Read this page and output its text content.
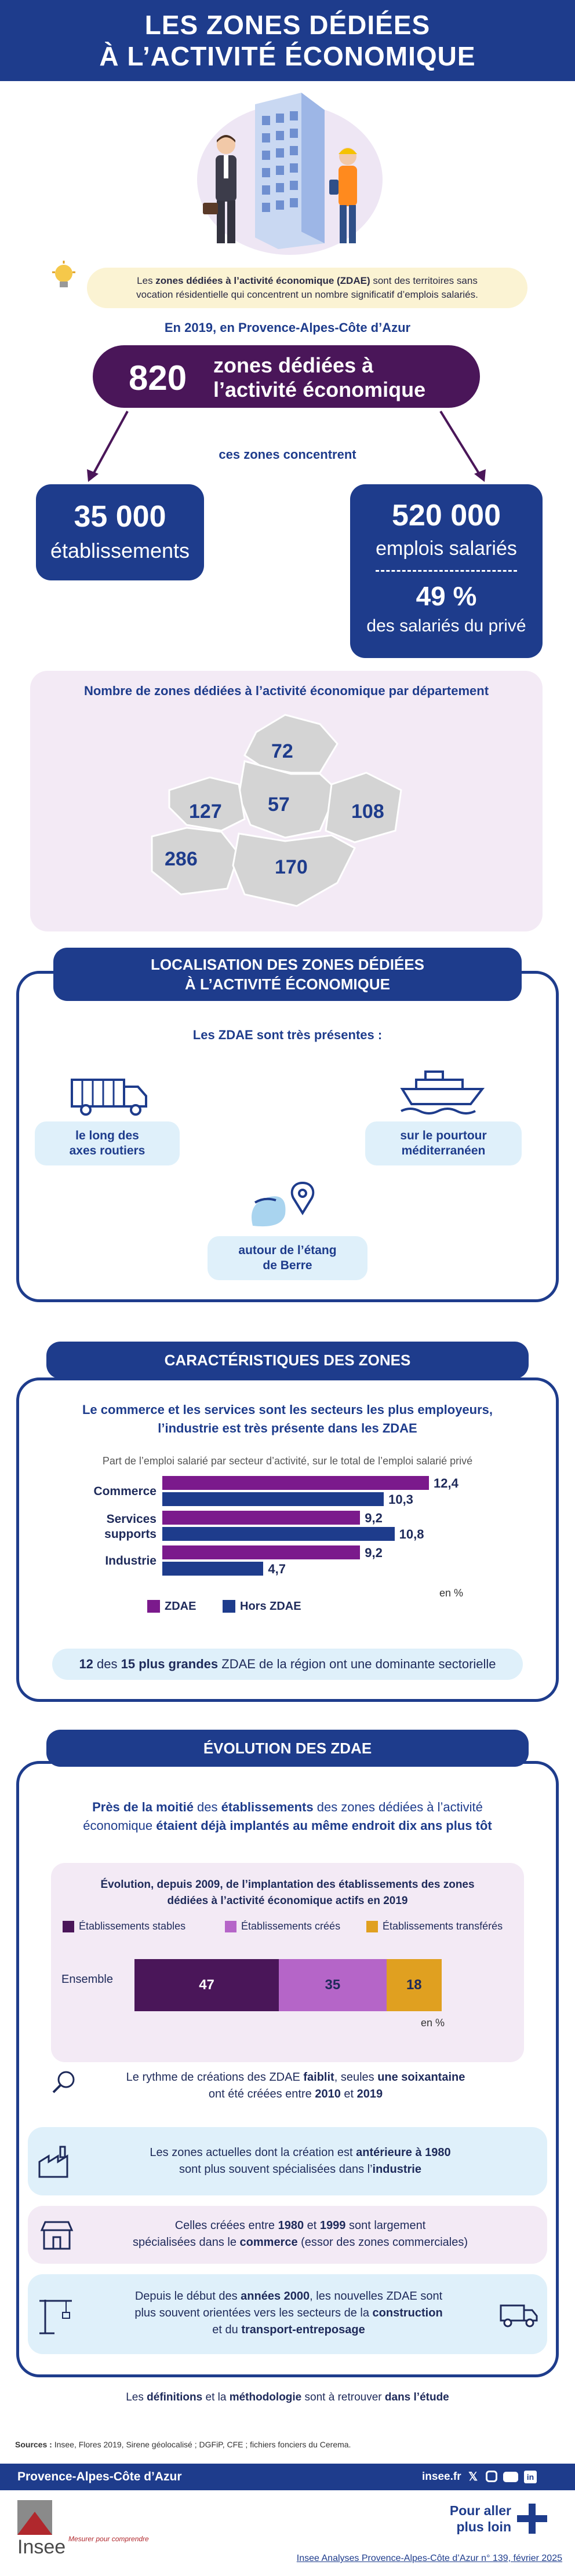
LES ZONES DÉDIÉES
À L’ACTIVITÉ ÉCONOMIQUE
Les zones dédiées à l’activité économique (ZDAE) sont des territoires sans
vocation résidentielle qui concentrent un nombre significatif d’emplois salariés.
En 2019, en Provence-Alpes-Côte d’Azur
820 zones dédiées à
l’activité économique
ces zones concentrent
35 000
établissements
520 000
emplois salariés
49 %
des salariés du privé
Nombre de zones dédiées à l’activité économique par département
72
57
127	108
286	170
LOCALISATION DES ZONES DÉDIÉES
À L’ACTIVITÉ ÉCONOMIQUE
Les ZDAE sont très présentes :
le long des
axes routiers
sur le pourtour
méditerranéen
autour de l’étang
de Berre
CARACTÉRISTIQUES DES ZONES
Le commerce et les services sont les secteurs les plus employeurs,
l’industrie est très présente dans les ZDAE
Part de l’emploi salarié par secteur d’activité, sur le total de l’emploi salarié privé
Commerce
12,4
10,3
Services
supports
9,2
10,8
Industrie
9,2
4,7
en %
ZDAE	Hors ZDAE
12 des 15 plus grandes ZDAE de la région ont une dominante sectorielle
ÉVOLUTION DES ZDAE
Près de la moitié des établissements des zones dédiées à l’activité
économique étaient déjà implantés au même endroit dix ans plus tôt
Évolution, depuis 2009, de l’implantation des établissements des zones
dédiées à l’activité économique actifs en 2019
Établissements stables	Établissements créés	Établissements transférés
Ensemble	47	35	18
en %
Le rythme de créations des ZDAE faiblit, seules une soixantaine
ont été créées entre 2010 et 2019
Les zones actuelles dont la création est antérieure à 1980
sont plus souvent spécialisées dans l’industrie
Celles créées entre 1980 et 1999 sont largement
spécialisées dans le commerce (essor des zones commerciales)
Depuis le début des années 2000, les nouvelles ZDAE sont
plus souvent orientées vers les secteurs de la construction
et du transport-entreposage
Les définitions et la méthodologie sont à retrouver dans l’étude
Sources : Insee, Flores 2019, Sirene géolocalisé ; DGFiP, CFE ; fichiers fonciers du Cerema.
Provence-Alpes-Côte d’Azur	insee.fr 𝕏	in
Insee Mesurer pour comprendre
Pour aller
plus loin
Insee Analyses Provence-Alpes-Côte d’Azur n° 139, février 2025
